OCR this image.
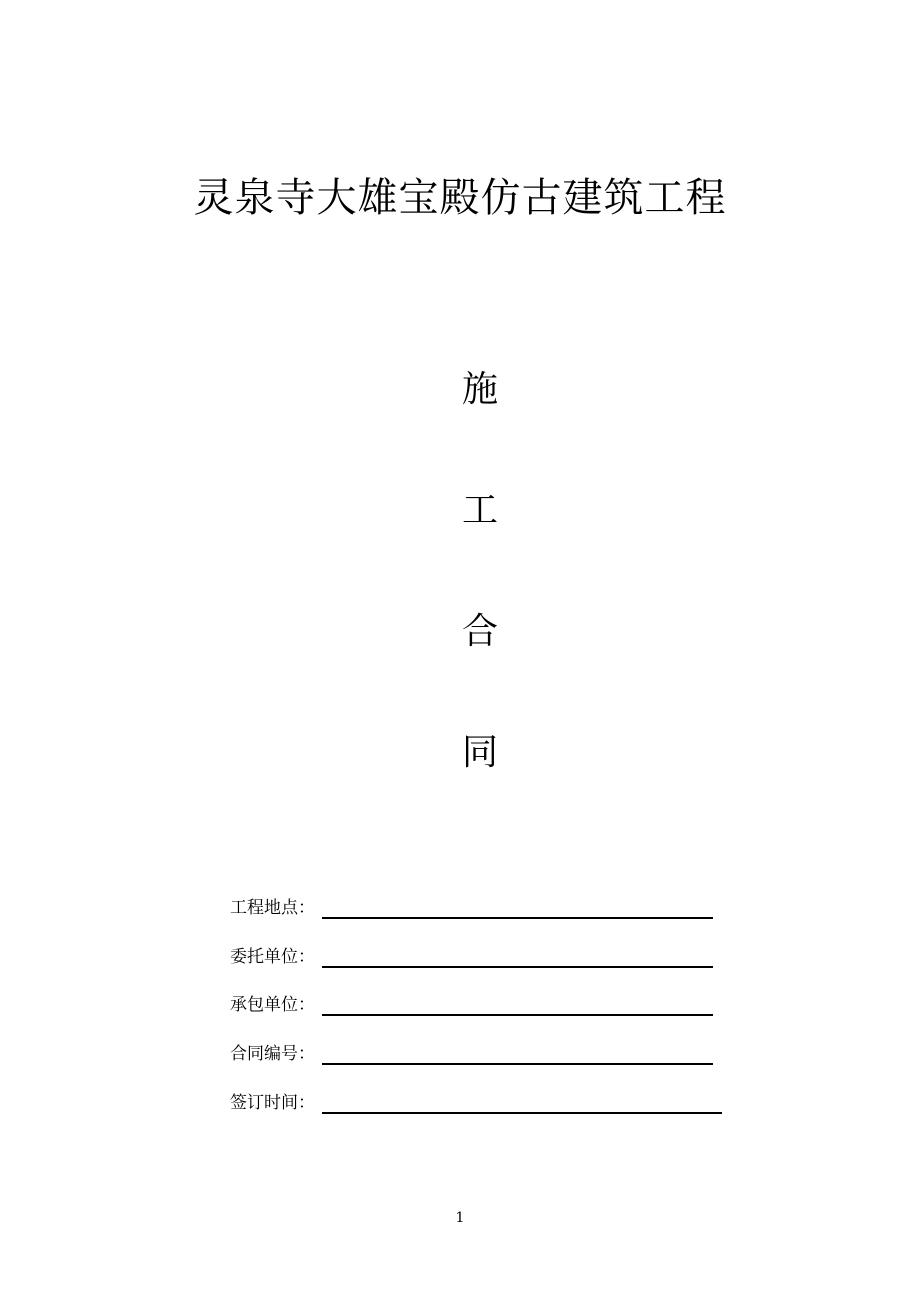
灵泉寺大雄宝殿仿古建筑工程
施
工
合
同
工程地点：
委托单位：
承包单位：
合同编号：
签订时间：
1
